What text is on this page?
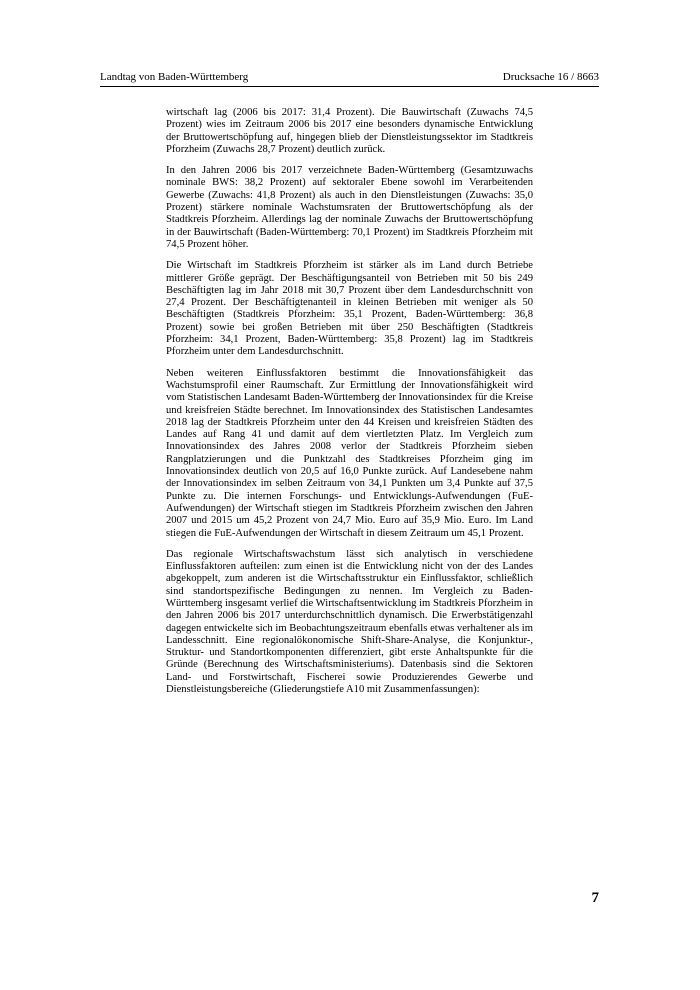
Landtag von Baden-Württemberg	Drucksache 16 / 8663

wirtschaft lag (2006 bis 2017: 31,4 Prozent). Die Bauwirtschaft (Zuwachs 74,5 Prozent) wies im Zeitraum 2006 bis 2017 eine besonders dynamische Entwicklung der Bruttowertschöpfung auf, hingegen blieb der Dienstleistungssektor im Stadtkreis Pforzheim (Zuwachs 28,7 Prozent) deutlich zurück.

In den Jahren 2006 bis 2017 verzeichnete Baden-Württemberg (Gesamtzuwachs nominale BWS: 38,2 Prozent) auf sektoraler Ebene sowohl im Verarbeitenden Gewerbe (Zuwachs: 41,8 Prozent) als auch in den Dienstleistungen (Zuwachs: 35,0 Prozent) stärkere nominale Wachstumsraten der Bruttowertschöpfung als der Stadtkreis Pforzheim. Allerdings lag der nominale Zuwachs der Bruttowertschöpfung in der Bauwirtschaft (Baden-Württemberg: 70,1 Prozent) im Stadtkreis Pforzheim mit 74,5 Prozent höher.

Die Wirtschaft im Stadtkreis Pforzheim ist stärker als im Land durch Betriebe mittlerer Größe geprägt. Der Beschäftigungsanteil von Betrieben mit 50 bis 249 Beschäftigten lag im Jahr 2018 mit 30,7 Prozent über dem Landesdurchschnitt von 27,4 Prozent. Der Beschäftigtenanteil in kleinen Betrieben mit weniger als 50 Beschäftigten (Stadtkreis Pforzheim: 35,1 Prozent, Baden-Württemberg: 36,8 Prozent) sowie bei großen Betrieben mit über 250 Beschäftigten (Stadtkreis Pforzheim: 34,1 Prozent, Baden-Württemberg: 35,8 Prozent) lag im Stadtkreis Pforzheim unter dem Landesdurchschnitt.

Neben weiteren Einflussfaktoren bestimmt die Innovationsfähigkeit das Wachstumsprofil einer Raumschaft. Zur Ermittlung der Innovationsfähigkeit wird vom Statistischen Landesamt Baden-Württemberg der Innovationsindex für die Kreise und kreisfreien Städte berechnet. Im Innovationsindex des Statistischen Landesamtes 2018 lag der Stadtkreis Pforzheim unter den 44 Kreisen und kreisfreien Städten des Landes auf Rang 41 und damit auf dem viertletzten Platz. Im Vergleich zum Innovationsindex des Jahres 2008 verlor der Stadtkreis Pforzheim sieben Rangplatzierungen und die Punktzahl des Stadtkreises Pforzheim ging im Innovationsindex deutlich von 20,5 auf 16,0 Punkte zurück. Auf Landesebene nahm der Innovationsindex im selben Zeitraum von 34,1 Punkten um 3,4 Punkte auf 37,5 Punkte zu. Die internen Forschungs- und Entwicklungs-Aufwendungen (FuE-Aufwendungen) der Wirtschaft stiegen im Stadtkreis Pforzheim zwischen den Jahren 2007 und 2015 um 45,2 Prozent von 24,7 Mio. Euro auf 35,9 Mio. Euro. Im Land stiegen die FuE-Aufwendungen der Wirtschaft in diesem Zeitraum um 45,1 Prozent.

Das regionale Wirtschaftswachstum lässt sich analytisch in verschiedene Einflussfaktoren aufteilen: zum einen ist die Entwicklung nicht von der des Landes abgekoppelt, zum anderen ist die Wirtschaftsstruktur ein Einflussfaktor, schließlich sind standortspezifische Bedingungen zu nennen. Im Vergleich zu Baden-Württemberg insgesamt verlief die Wirtschaftsentwicklung im Stadtkreis Pforzheim in den Jahren 2006 bis 2017 unterdurchschnittlich dynamisch. Die Erwerbstätigenzahl dagegen entwickelte sich im Beobachtungszeitraum ebenfalls etwas verhaltener als im Landesschnitt. Eine regionalökonomische Shift-Share-Analyse, die Konjunktur-, Struktur- und Standortkomponenten differenziert, gibt erste Anhaltspunkte für die Gründe (Berechnung des Wirtschaftsministeriums). Datenbasis sind die Sektoren Land- und Forstwirtschaft, Fischerei sowie Produzierendes Gewerbe und Dienstleistungsbereiche (Gliederungstiefe A10 mit Zusammenfassungen):

7
